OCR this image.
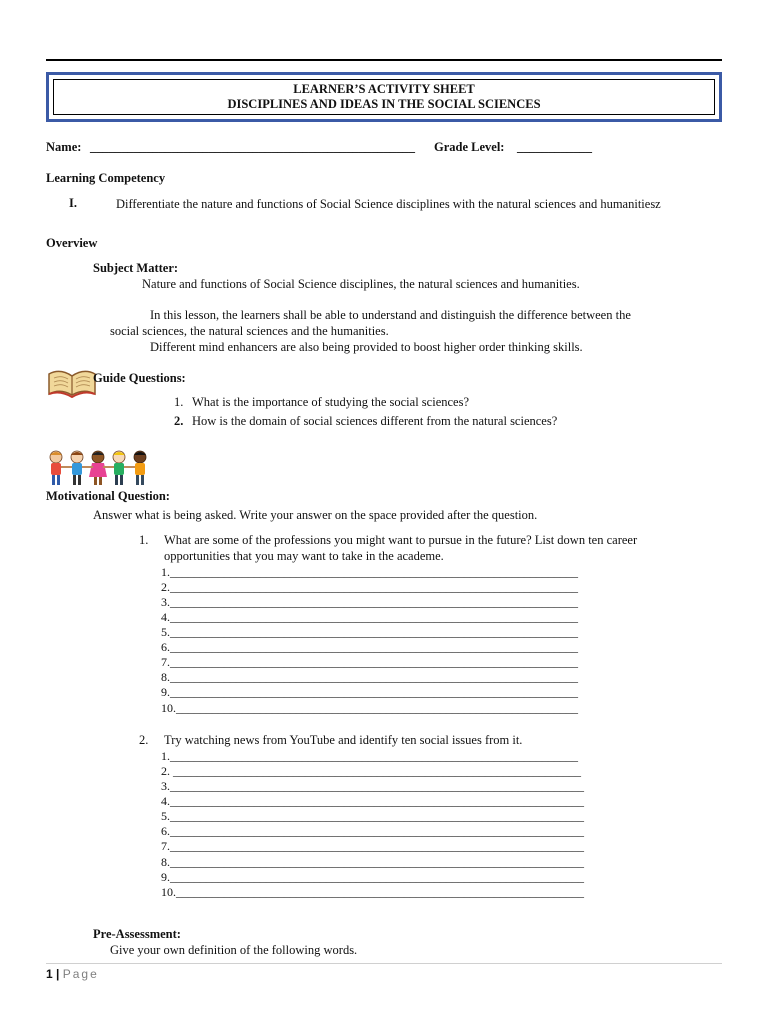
LEARNER’S ACTIVITY SHEET
DISCIPLINES AND IDEAS IN THE SOCIAL SCIENCES
Name: ____________________________________________________ Grade Level: ____________
Learning Competency
I.	Differentiate the nature and functions of Social Science disciplines with the natural sciences and humanitiesz
Overview
Subject Matter:
Nature and functions of Social Science disciplines, the natural sciences and humanities.
In this lesson, the learners shall be able to understand and distinguish the difference between the
social sciences, the natural sciences and the humanities.
Different mind enhancers are also being provided to boost higher order thinking skills.
Guide Questions:
1. What is the importance of studying the social sciences?
2. How is the domain of social sciences different from the natural sciences?
Motivational Question:
Answer what is being asked. Write your answer on the space provided after the question.
1. What are some of the professions you might want to pursue in the future? List down ten career
opportunities that you may want to take in the academe.
1.____________________________________________________________________
2.____________________________________________________________________
3.____________________________________________________________________
4.____________________________________________________________________
5.____________________________________________________________________
6.____________________________________________________________________
7.____________________________________________________________________
8.____________________________________________________________________
9.____________________________________________________________________
10.___________________________________________________________________
2. Try watching news from YouTube and identify ten social issues from it.
1.____________________________________________________________________
2. ____________________________________________________________________
3._____________________________________________________________________
4._____________________________________________________________________
5._____________________________________________________________________
6._____________________________________________________________________
7._____________________________________________________________________
8._____________________________________________________________________
9._____________________________________________________________________
10.____________________________________________________________________
Pre-Assessment:
Give your own definition of the following words.
1 | Page
